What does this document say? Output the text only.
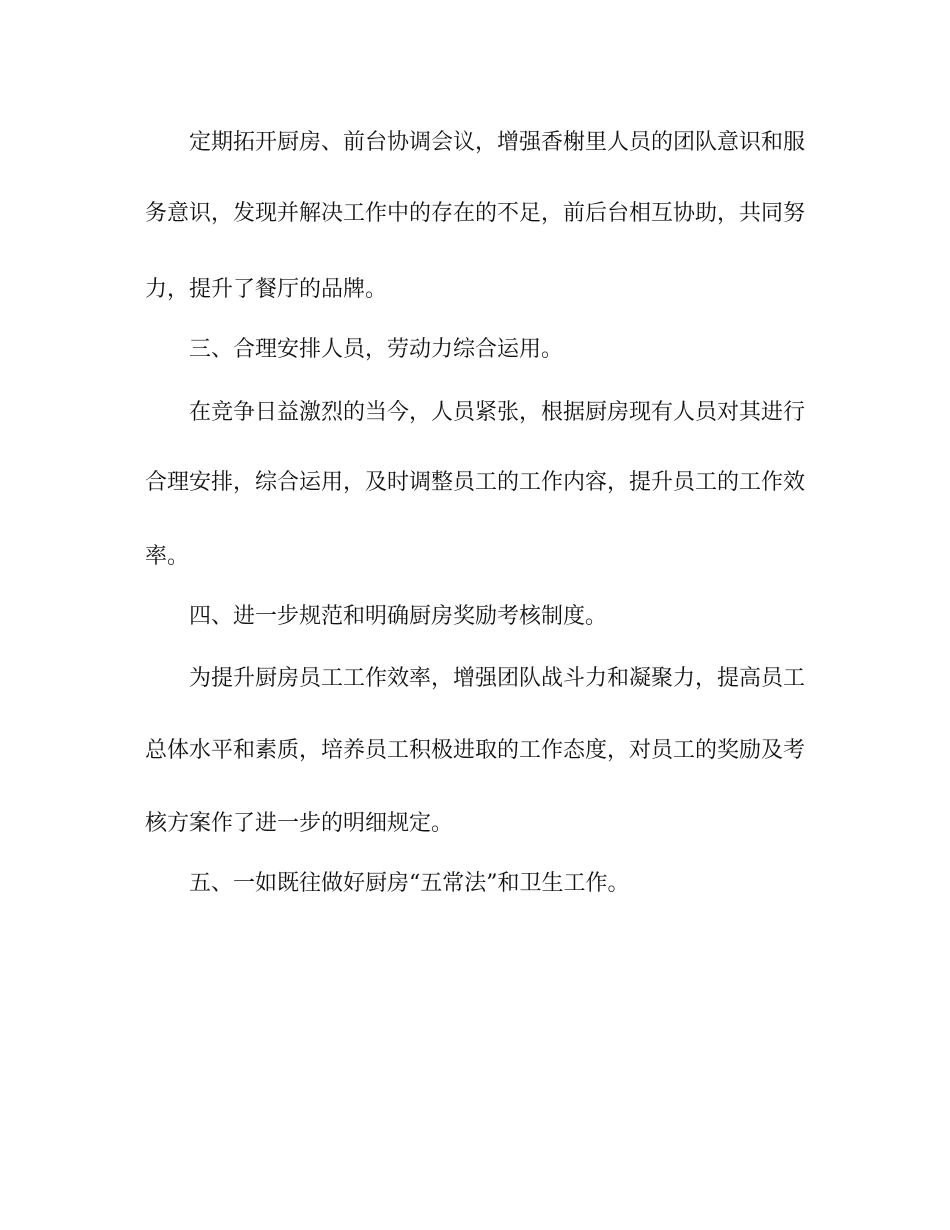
定期拓开厨房、前台协调会议，增强香榭里人员的团队意识和服
务意识，发现并解决工作中的存在的不足，前后台相互协助，共同努
力，提升了餐厅的品牌。
三、合理安排人员，劳动力综合运用。
在竞争日益激烈的当今，人员紧张，根据厨房现有人员对其进行
合理安排，综合运用，及时调整员工的工作内容，提升员工的工作效
率。
四、进一步规范和明确厨房奖励考核制度。
为提升厨房员工工作效率，增强团队战斗力和凝聚力，提高员工
总体水平和素质，培养员工积极进取的工作态度，对员工的奖励及考
核方案作了进一步的明细规定。
五、一如既往做好厨房“五常法”和卫生工作。
